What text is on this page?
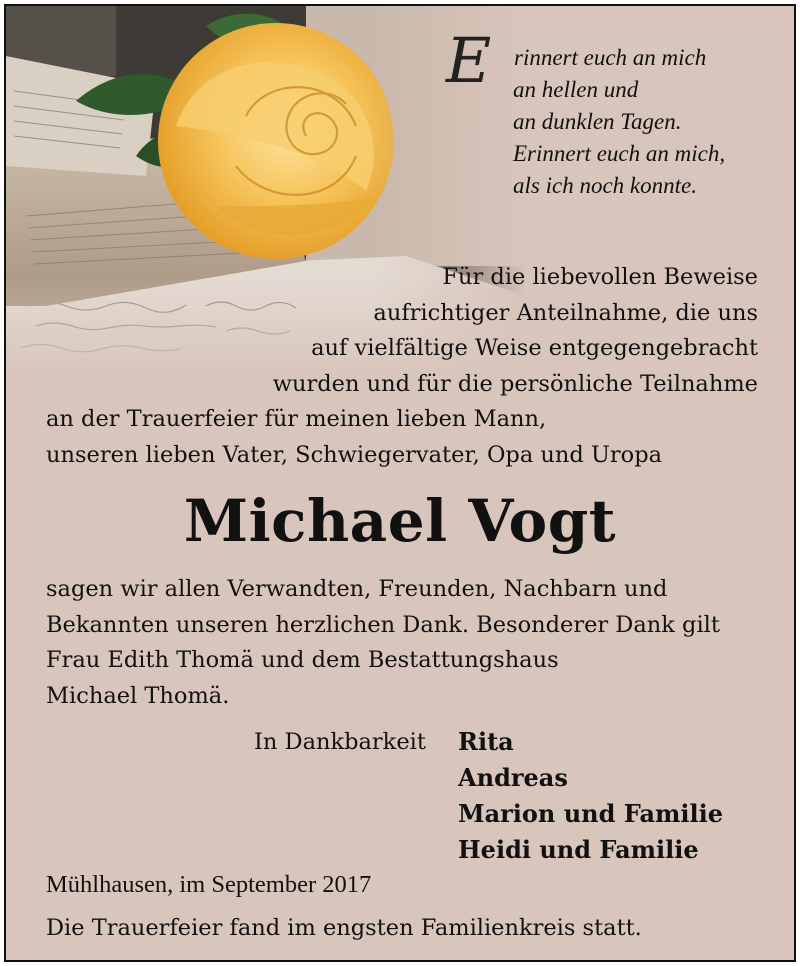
E rinnert euch an mich
an hellen und
an dunklen Tagen.
Erinnert euch an mich,
als ich noch konnte.
Für die liebevollen Beweise
aufrichtiger Anteilnahme, die uns
auf vielfältige Weise entgegengebracht
wurden und für die persönliche Teilnahme
an der Trauerfeier für meinen lieben Mann,
unseren lieben Vater, Schwiegervater, Opa und Uropa
Michael Vogt
sagen wir allen Verwandten, Freunden, Nachbarn und
Bekannten unseren herzlichen Dank. Besonderer Dank gilt
Frau Edith Thomä und dem Bestattungshaus
Michael Thomä.
In Dankbarkeit Rita
Andreas
Marion und Familie
Heidi und Familie
Mühlhausen, im September 2017
Die Trauerfeier fand im engsten Familienkreis statt.
